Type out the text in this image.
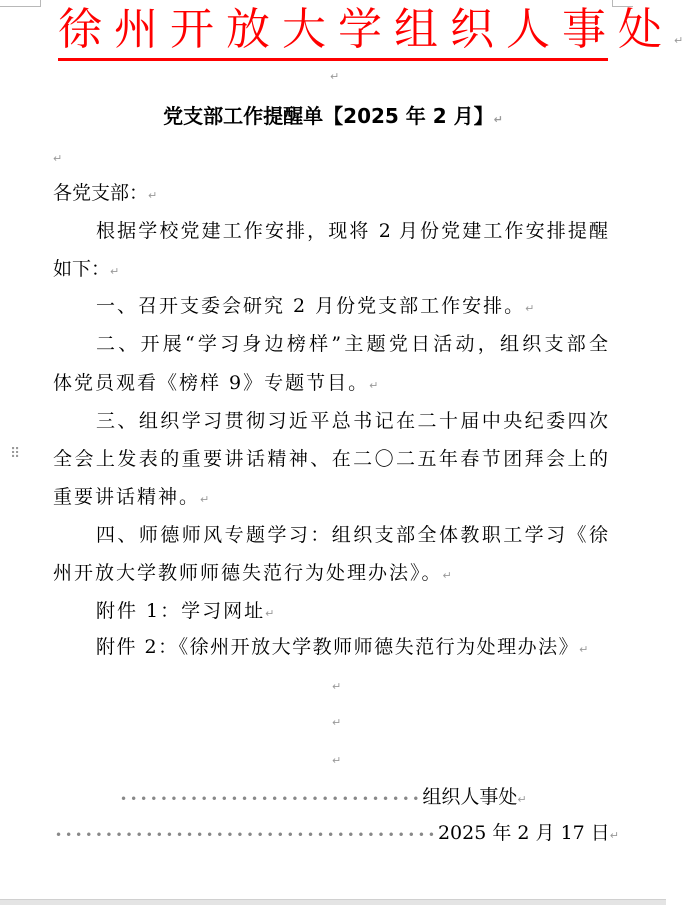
徐州开放大学组织人事处↵
↵
党支部工作提醒单【2025 年 2 月】↵
↵
各党支部：↵
根据学校党建工作安排，现将 2 月份党建工作安排提醒
如下：↵
一、召开支委会研究 2 月份党支部工作安排。↵
二、开展“学习身边榜样”主题党日活动，组织支部全
体党员观看《榜样 9》专题节目。↵
⠿
三、组织学习贯彻习近平总书记在二十届中央纪委四次
全会上发表的重要讲话精神、在二〇二五年春节团拜会上的
重要讲话精神。↵
四、师德师风专题学习：组织支部全体教职工学习《徐
州开放大学教师师德失范行为处理办法》。↵
附件 1：学习网址↵
附件 2：《徐州开放大学教师师德失范行为处理办法》↵
↵
↵
↵
••••••••••••••••••••••••••••••组织人事处↵
••••••••••••••••••••••••••••••••••••••2025 年 2 月 17 日↵
